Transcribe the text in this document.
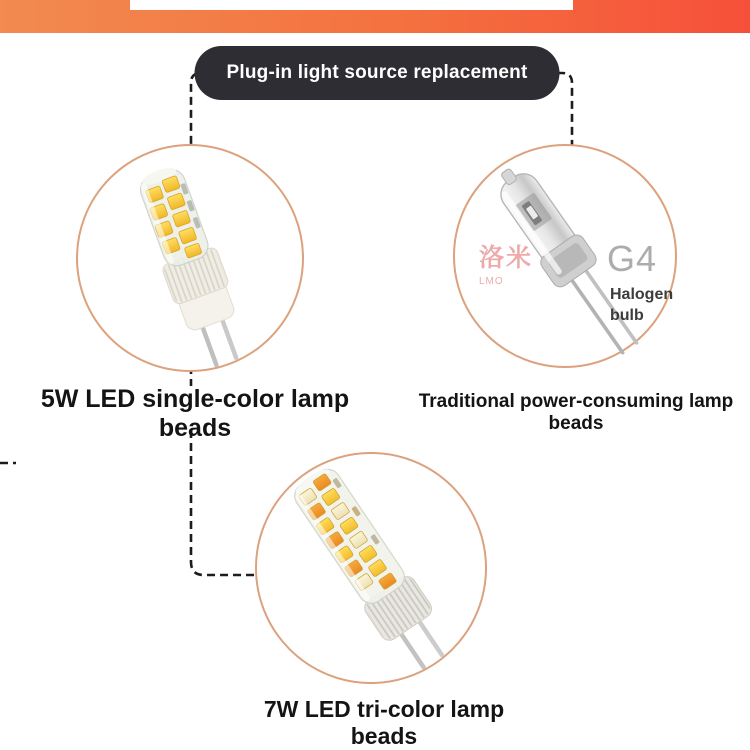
Plug-in light source replacement
洛米
LMO
G4
Halogen
bulb
5W LED single-color lamp beads
Traditional power-consuming lamp beads
7W LED tri-color lamp beads
